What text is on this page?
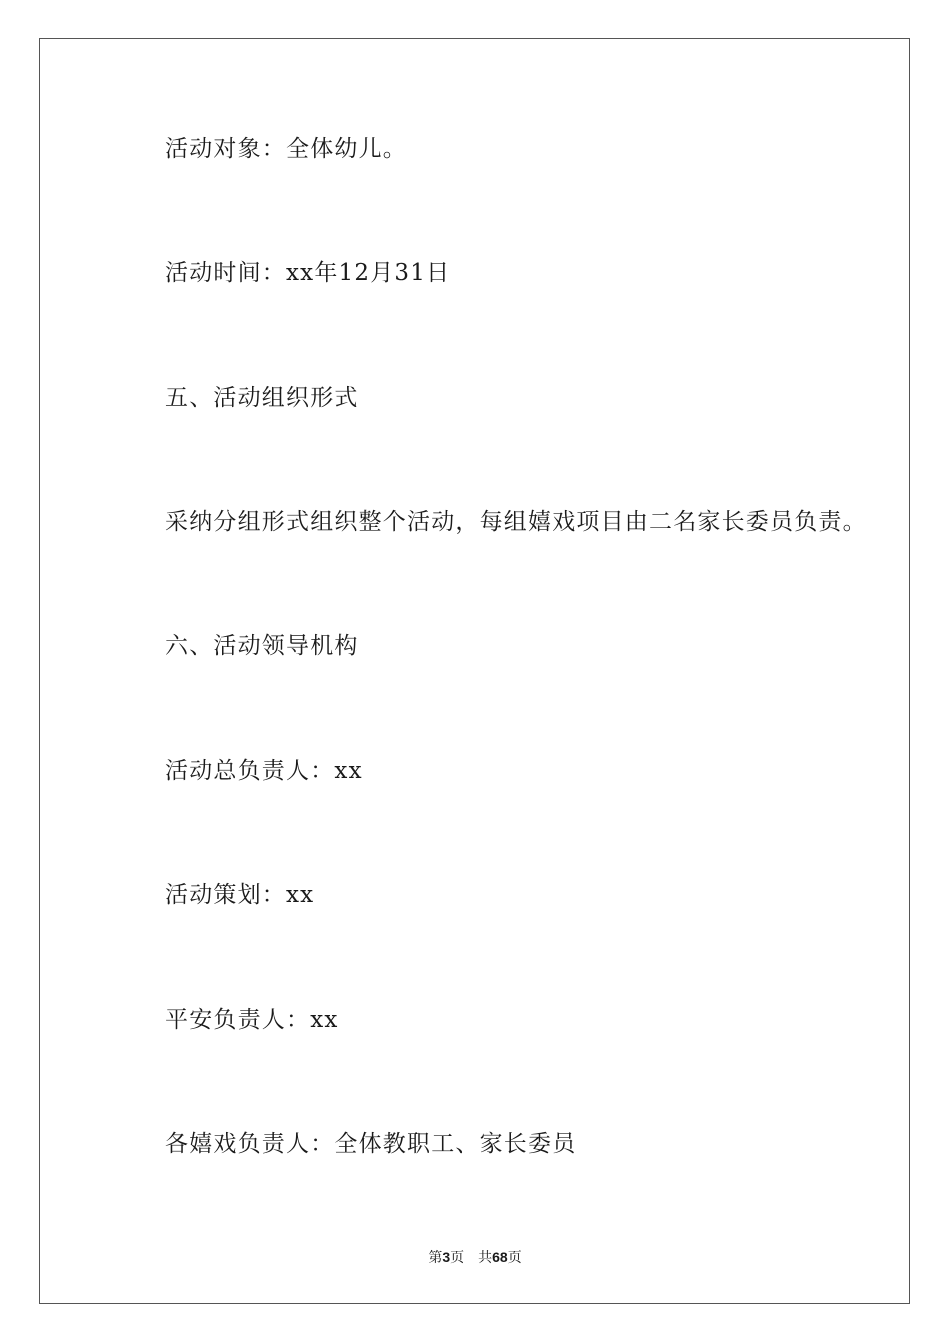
活动对象：全体幼儿。
活动时间：xx年12月31日
五、活动组织形式
采纳分组形式组织整个活动，每组嬉戏项目由二名家长委员负责。
六、活动领导机构
活动总负责人：xx
活动策划：xx
平安负责人：xx
各嬉戏负责人：全体教职工、家长委员
第3页 共68页
